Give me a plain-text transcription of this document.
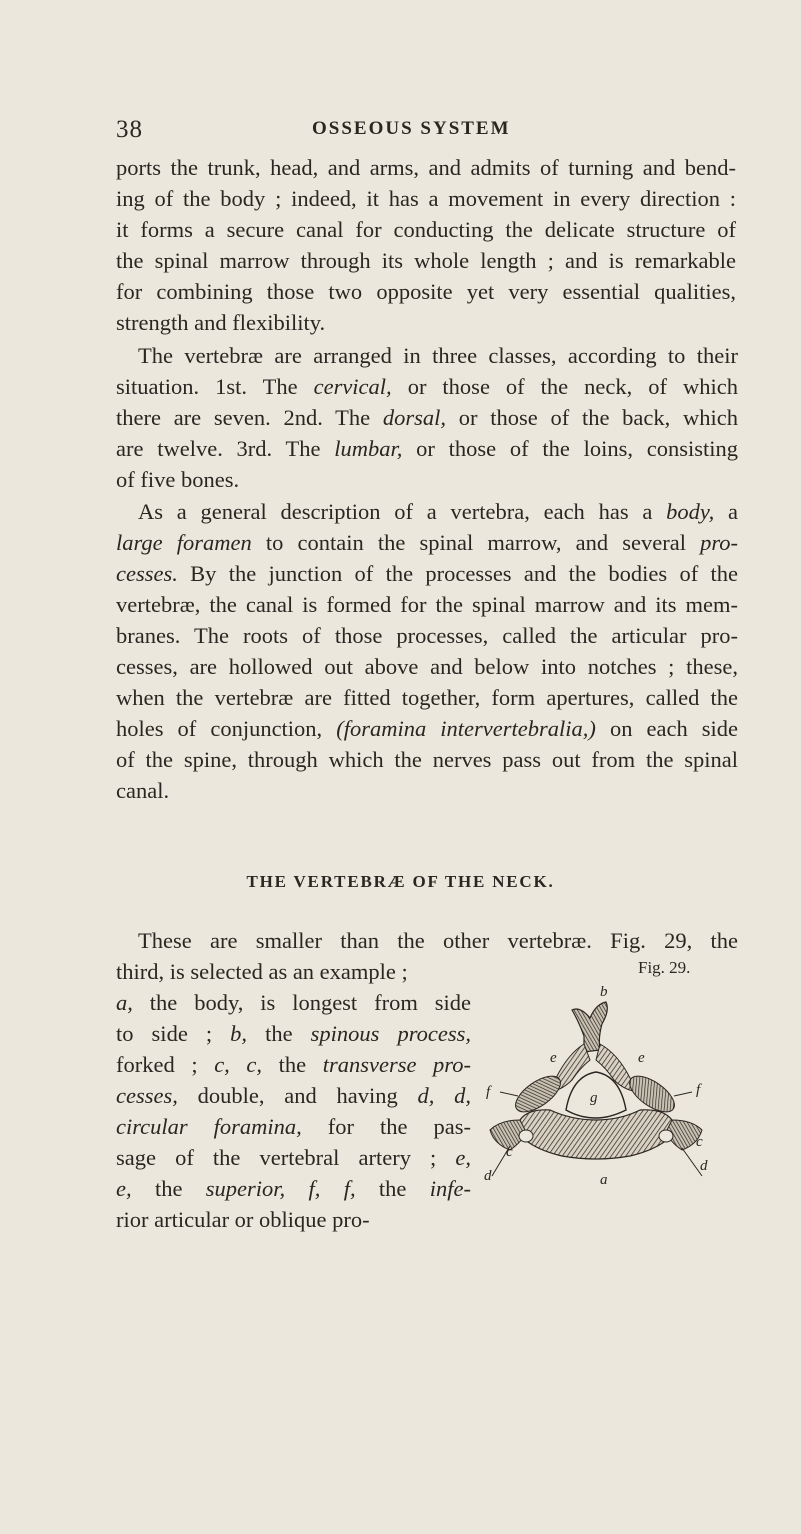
38	OSSEOUS SYSTEM

ports the trunk, head, and arms, and admits of turning and bend-

ing of the body ; indeed, it has a movement in every direction :

it forms a secure canal for conducting the delicate structure of

the spinal marrow through its whole length ; and is remarkable

for combining those two opposite yet very essential qualities,

strength and flexibility.

The vertebræ are arranged in three classes, according to their

situation. 1st. The cervical, or those of the neck, of which

there are seven. 2nd. The dorsal, or those of the back, which

are twelve. 3rd. The lumbar, or those of the loins, consisting

of five bones.

As a general description of a vertebra, each has a body, a

large foramen to contain the spinal marrow, and several pro-

cesses. By the junction of the processes and the bodies of the

vertebræ, the canal is formed for the spinal marrow and its mem-

branes. The roots of those processes, called the articular pro-

cesses, are hollowed out above and below into notches ; these,

when the vertebræ are fitted together, form apertures, called the

holes of conjunction, (foramina intervertebralia,) on each side

of the spine, through which the nerves pass out from the spinal

canal.

THE VERTEBRÆ OF THE NECK.

These are smaller than the other vertebræ. Fig. 29, the

third, is selected as an example ;

a, the body, is longest from side

to side ; b, the spinous process,

forked ; c, c, the transverse pro-

cesses, double, and having d, d,

circular foramina, for the pas-

sage of the vertebral artery ; e,

e, the superior, f, f, the infe-

rior articular or oblique pro-

Fig. 29.
b
e	e
g
f	f
c
c
d
d
a
